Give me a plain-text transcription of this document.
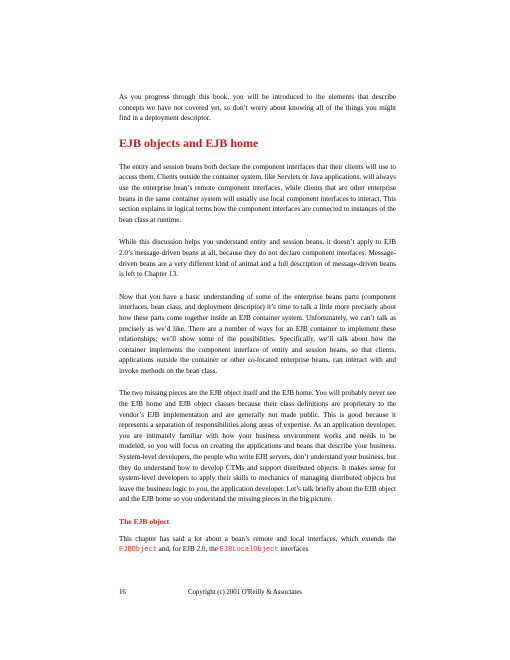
As you progress through this book, you will be introduced to the elements that describe concepts we have not covered yet, so don’t worry about knowing all of the things you might find in a deployment descriptor.

EJB objects and EJB home

The entity and session beans both declare the component interfaces that their clients will use to access them. Clients outside the container system, like Servlets or Java applications, will always use the enterprise bean’s remote component interfaces, while clients that are other enterprise beans in the same container system will usually use local component interfaces to interact. This section explains in logical terms how the component interfaces are connected to instances of the bean class at runtime.

While this discussion helps you understand entity and session beans, it doesn’t apply to EJB 2.0’s message-driven beans at all, because they do not declare component interfaces. Message-driven beans are a very different kind of animal and a full description of message-driven beans is left to Chapter 13.

Now that you have a basic understanding of some of the enterprise beans parts (component interfaces, bean class, and deployment descriptor) it’s time to talk a little more precisely about how these parts come together inside an EJB container system. Unfortunately, we can’t talk as precisely as we’d like. There are a number of ways for an EJB container to implement these relationships; we’ll show some of the possibilities. Specifically, we’ll talk about how the container implements the component interface of entity and session beans, so that clients, applications outside the container or other co-located enterprise beans, can interact with and invoke methods on the bean class.

The two missing pieces are the EJB object itself and the EJB home. You will probably never see the EJB home and EJB object classes because their class definitions are proprietary to the vendor’s EJB implementation and are generally not made public. This is good because it represents a separation of responsibilities along areas of expertise. As an application developer, you are intimately familiar with how your business environment works and needs to be modeled, so you will focus on creating the applications and beans that describe your business. System-level developers, the people who write EJB servers, don’t understand your business, but they do understand how to develop CTMs and support distributed objects. It makes sense for system-level developers to apply their skills to mechanics of managing distributed objects but leave the business logic to you, the application developer. Let’s talk briefly about the EJB object and the EJB home so you understand the missing pieces in the big picture.

The EJB object

This chapter has said a lot about a bean’s remote and local interfaces, which extends the EJBObject and, for EJB 2.0, the EJBLocalObject interfaces

16	Copyright (c) 2001 O'Reilly & Associates
